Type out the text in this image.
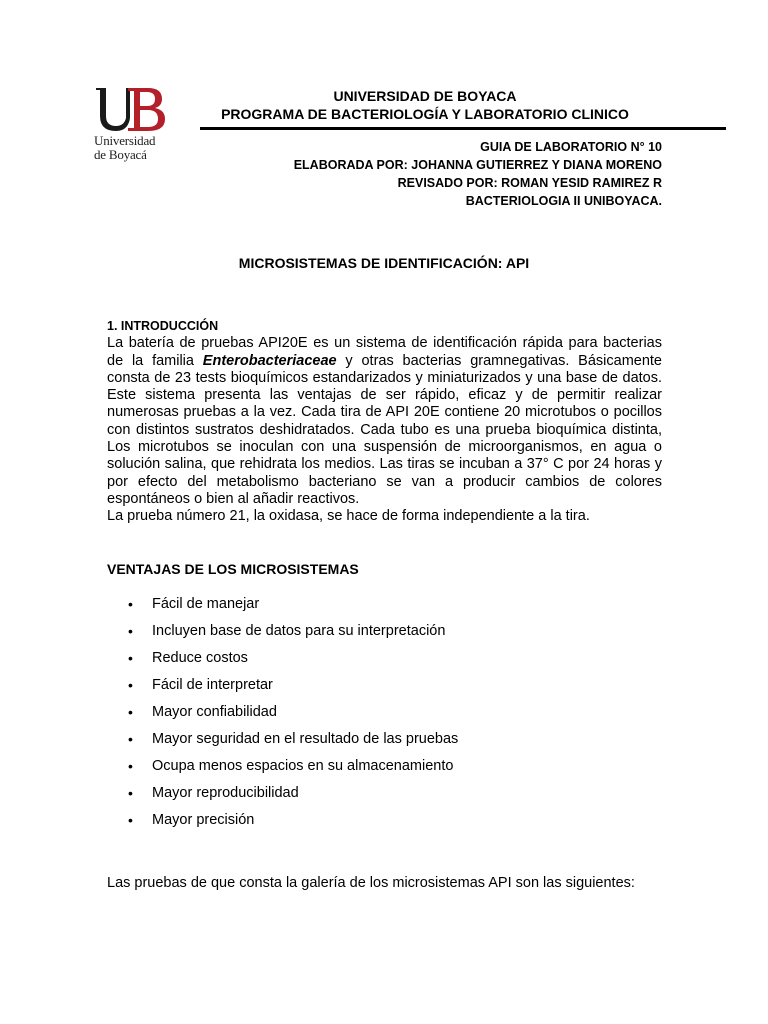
Universidad
de Boyacá
UNIVERSIDAD DE BOYACA
PROGRAMA DE BACTERIOLOGÍA Y LABORATORIO CLINICO
GUIA DE LABORATORIO N° 10
ELABORADA POR: JOHANNA GUTIERREZ Y DIANA MORENO
REVISADO POR: ROMAN YESID RAMIREZ R
BACTERIOLOGIA II UNIBOYACA.
MICROSISTEMAS DE IDENTIFICACIÓN: API
1. INTRODUCCIÓN

La batería de pruebas API20E es un sistema de identificación rápida para bacterias de la familia Enterobacteriaceae y otras bacterias gramnegativas. Básicamente consta de 23 tests bioquímicos estandarizados y miniaturizados y una base de datos. Este sistema presenta las ventajas de ser rápido, eficaz y de permitir realizar numerosas pruebas a la vez. Cada tira de API 20E contiene 20 microtubos o pocillos con distintos sustratos deshidratados. Cada tubo es una prueba bioquímica distinta, Los microtubos se inoculan con una suspensión de microorganismos, en agua o solución salina, que rehidrata los medios. Las tiras se incuban a 37° C por 24 horas y por efecto del metabolismo bacteriano se van a producir cambios de colores espontáneos o bien al añadir reactivos.

La prueba número 21, la oxidasa, se hace de forma independiente a la tira.

VENTAJAS DE LOS MICROSISTEMAS
• Fácil de manejar
• Incluyen base de datos para su interpretación
• Reduce costos
• Fácil de interpretar
• Mayor confiabilidad
• Mayor seguridad en el resultado de las pruebas
• Ocupa menos espacios en su almacenamiento
• Mayor reproducibilidad
• Mayor precisión

Las pruebas de que consta la galería de los microsistemas API son las siguientes:
